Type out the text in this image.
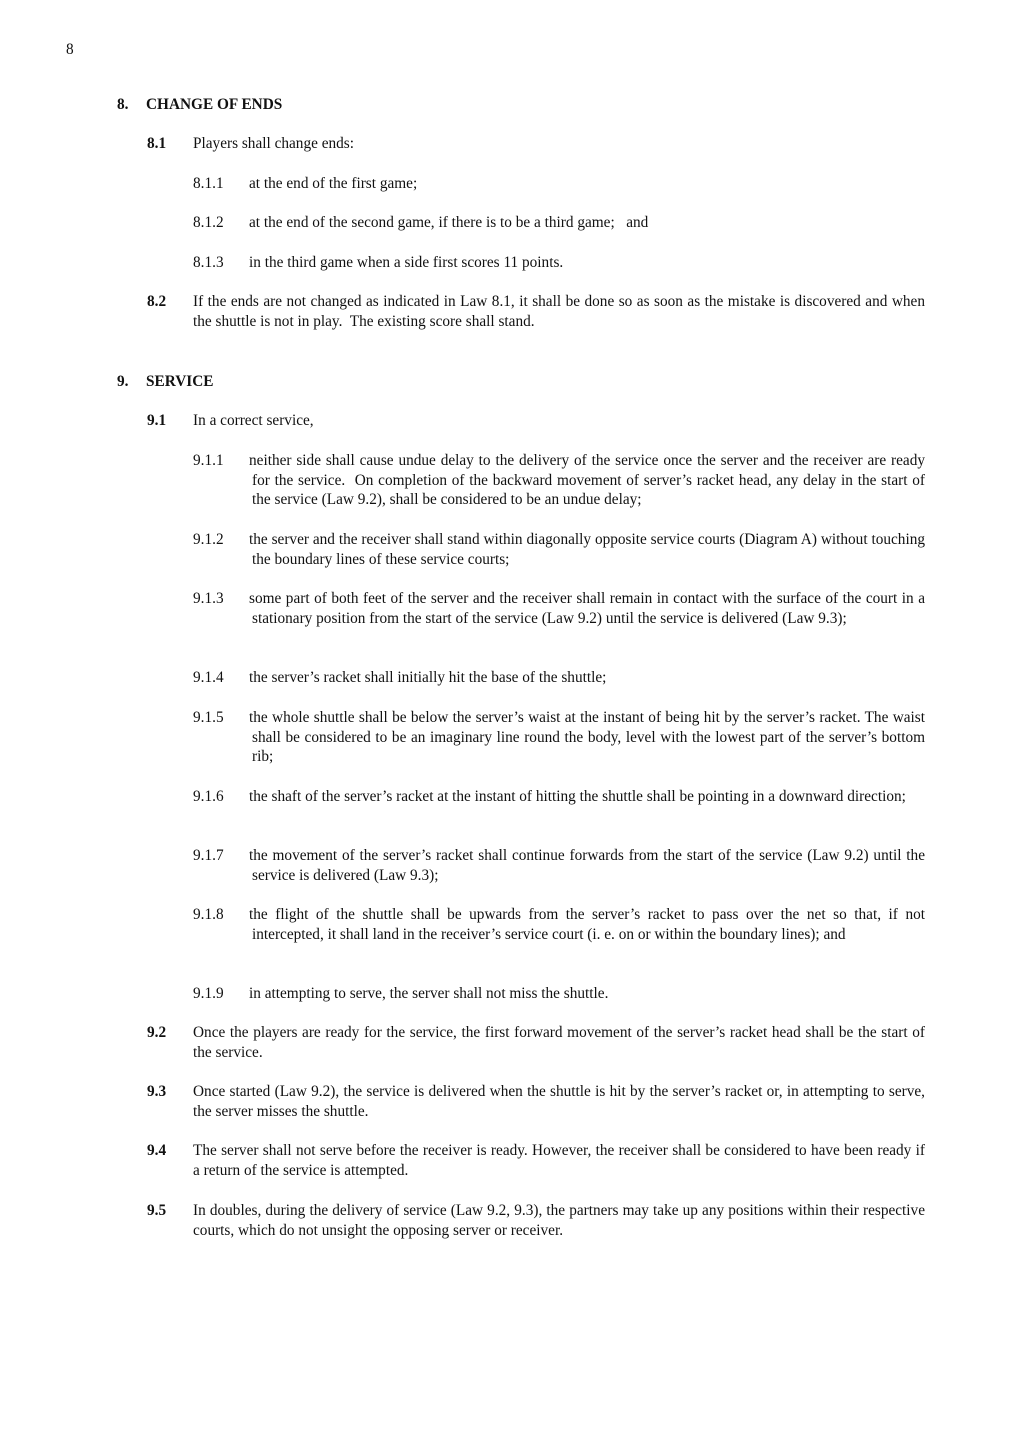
8
8. CHANGE OF ENDS
8.1 Players shall change ends:
8.1.1 at the end of the first game;
8.1.2 at the end of the second game, if there is to be a third game;   and
8.1.3 in the third game when a side first scores 11 points.
8.2 If the ends are not changed as indicated in Law 8.1, it shall be done so as soon as the mistake is discovered and when the shuttle is not in play.  The existing score shall stand.
9. SERVICE
9.1 In a correct service,
9.1.1 neither side shall cause undue delay to the delivery of the service once the server and the receiver are ready for the service.  On completion of the backward movement of server’s racket head, any delay in the start of the service (Law 9.2), shall be considered to be an undue delay;
9.1.2 the server and the receiver shall stand within diagonally opposite service courts (Diagram A) without touching the boundary lines of these service courts;
9.1.3 some part of both feet of the server and the receiver shall remain in contact with the surface of the court in a stationary position from the start of the service (Law 9.2) until the service is delivered (Law 9.3);
9.1.4 the server’s racket shall initially hit the base of the shuttle;
9.1.5 the whole shuttle shall be below the server’s waist at the instant of being hit by the server’s racket. The waist shall be considered to be an imaginary line round the body, level with the lowest part of the server’s bottom rib;
9.1.6 the shaft of the server’s racket at the instant of hitting the shuttle shall be pointing in a downward direction;
9.1.7 the movement of the server’s racket shall continue forwards from the start of the service (Law 9.2) until the service is delivered (Law 9.3);
9.1.8 the flight of the shuttle shall be upwards from the server’s racket to pass over the net so that, if not intercepted, it shall land in the receiver’s service court (i. e. on or within the boundary lines); and
9.1.9 in attempting to serve, the server shall not miss the shuttle.
9.2 Once the players are ready for the service, the first forward movement of the server’s racket head shall be the start of the service.
9.3 Once started (Law 9.2), the service is delivered when the shuttle is hit by the server’s racket or, in attempting to serve, the server misses the shuttle.
9.4 The server shall not serve before the receiver is ready. However, the receiver shall be considered to have been ready if a return of the service is attempted.
9.5 In doubles, during the delivery of service (Law 9.2, 9.3), the partners may take up any positions within their respective courts, which do not unsight the opposing server or receiver.
